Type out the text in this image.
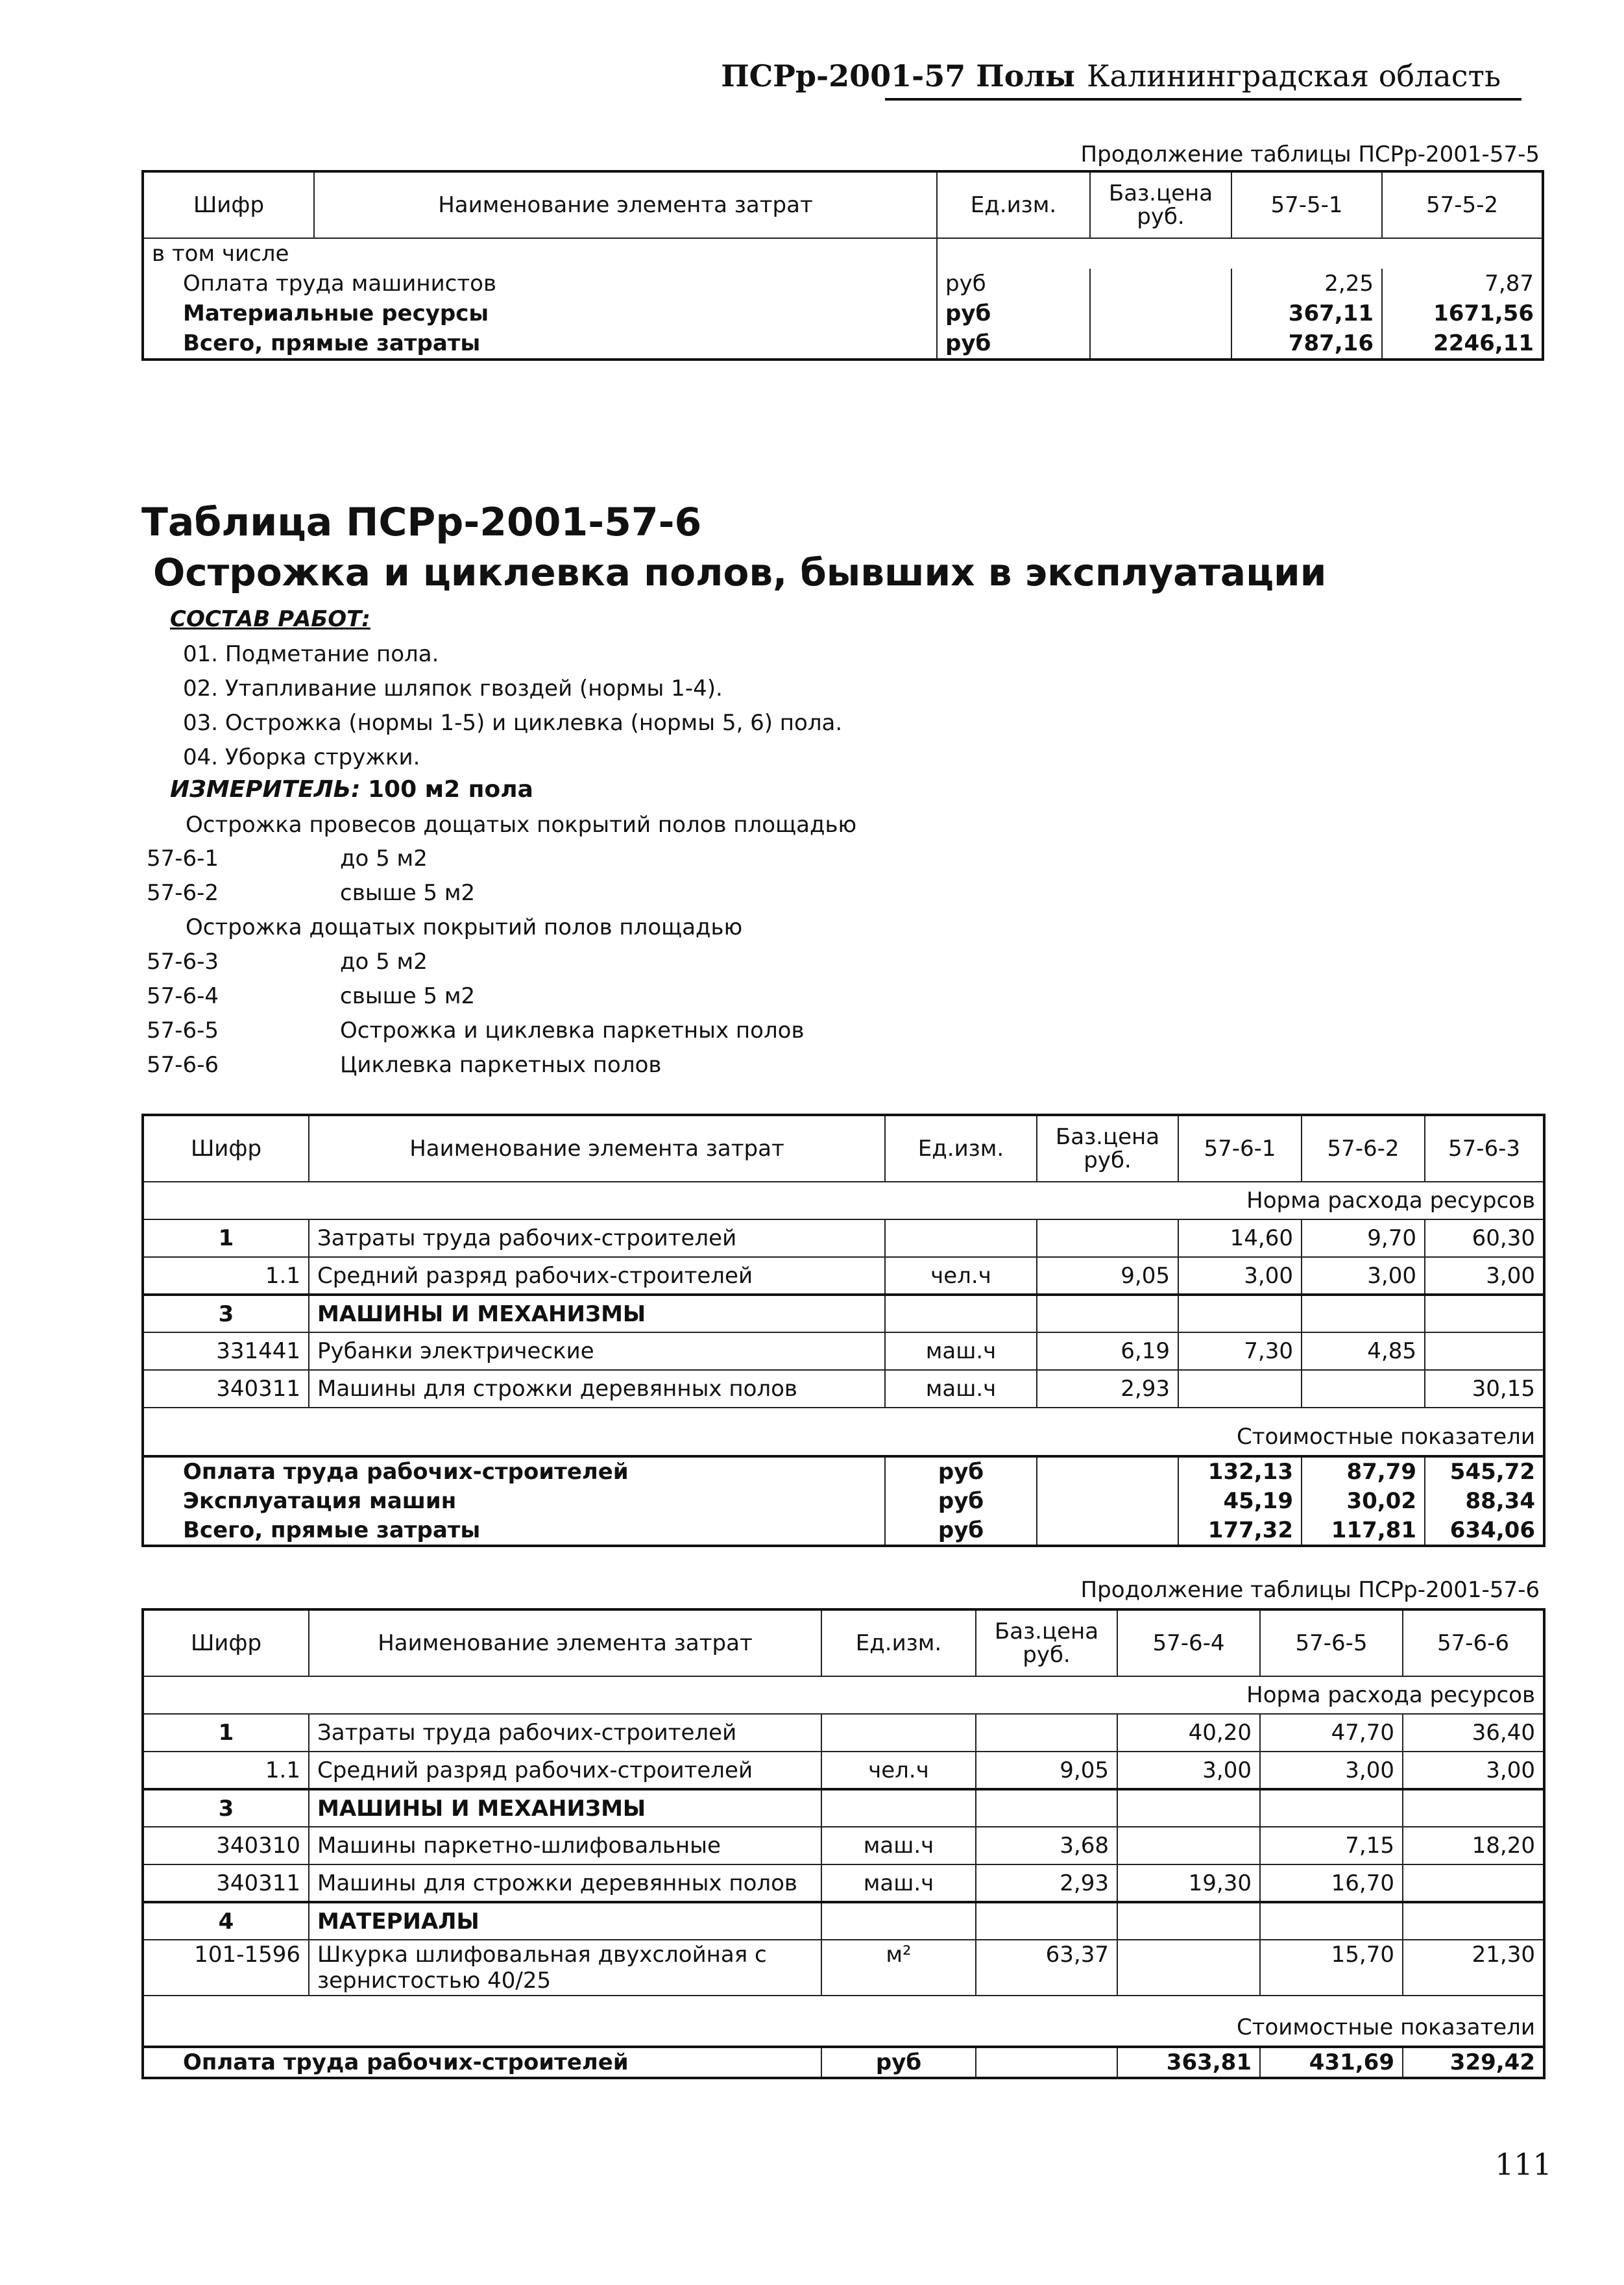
ПСРр-2001-57 Полы Калининградская область
Продолжение таблицы ПСРр-2001-57-5
Шифр	Наименование элемента затрат	Ед.изм.	Баз.цена руб.	57-5-1	57-5-2
в том числе					
Оплата труда машинистов		руб		2,25	7,87
Материальные ресурсы		руб		367,11	1671,56
Всего, прямые затраты		руб		787,16	2246,11
Таблица ПСРр-2001-57-6
Острожка и циклевка полов, бывших в эксплуатации
СОСТАВ РАБОТ:
01. Подметание пола.
02. Утапливание шляпок гвоздей (нормы 1-4).
03. Острожка (нормы 1-5) и циклевка (нормы 5, 6) пола.
04. Уборка стружки.
ИЗМЕРИТЕЛЬ: 100 м2 пола
Острожка провесов дощатых покрытий полов площадью
57-6-1	до 5 м2
57-6-2	свыше 5 м2
Острожка дощатых покрытий полов площадью
57-6-3	до 5 м2
57-6-4	свыше 5 м2
57-6-5	Острожка и циклевка паркетных полов
57-6-6	Циклевка паркетных полов
Шифр	Наименование элемента затрат	Ед.изм.	Баз.цена руб.	57-6-1	57-6-2	57-6-3
Норма расхода ресурсов						
1	Затраты труда рабочих-строителей			14,60	9,70	60,30
1.1	Средний разряд рабочих-строителей	чел.ч	9,05	3,00	3,00	3,00
3	МАШИНЫ И МЕХАНИЗМЫ					
331441	Рубанки электрические	маш.ч	6,19	7,30	4,85	
340311	Машины для строжки деревянных полов	маш.ч	2,93			30,15
Стоимостные показатели						
Оплата труда рабочих-строителей		руб		132,13	87,79	545,72
Эксплуатация машин		руб		45,19	30,02	88,34
Всего, прямые затраты		руб		177,32	117,81	634,06
Продолжение таблицы ПСРр-2001-57-6
Шифр	Наименование элемента затрат	Ед.изм.	Баз.цена руб.	57-6-4	57-6-5	57-6-6
Норма расхода ресурсов						
1	Затраты труда рабочих-строителей			40,20	47,70	36,40
1.1	Средний разряд рабочих-строителей	чел.ч	9,05	3,00	3,00	3,00
3	МАШИНЫ И МЕХАНИЗМЫ					
340310	Машины паркетно-шлифовальные	маш.ч	3,68		7,15	18,20
340311	Машины для строжки деревянных полов	маш.ч	2,93	19,30	16,70	
4	МАТЕРИАЛЫ					
101-1596	Шкурка шлифовальная двухслойная с зернистостью 40/25	м²	63,37		15,70	21,30
Стоимостные показатели						
Оплата труда рабочих-строителей		руб		363,81	431,69	329,42
111
